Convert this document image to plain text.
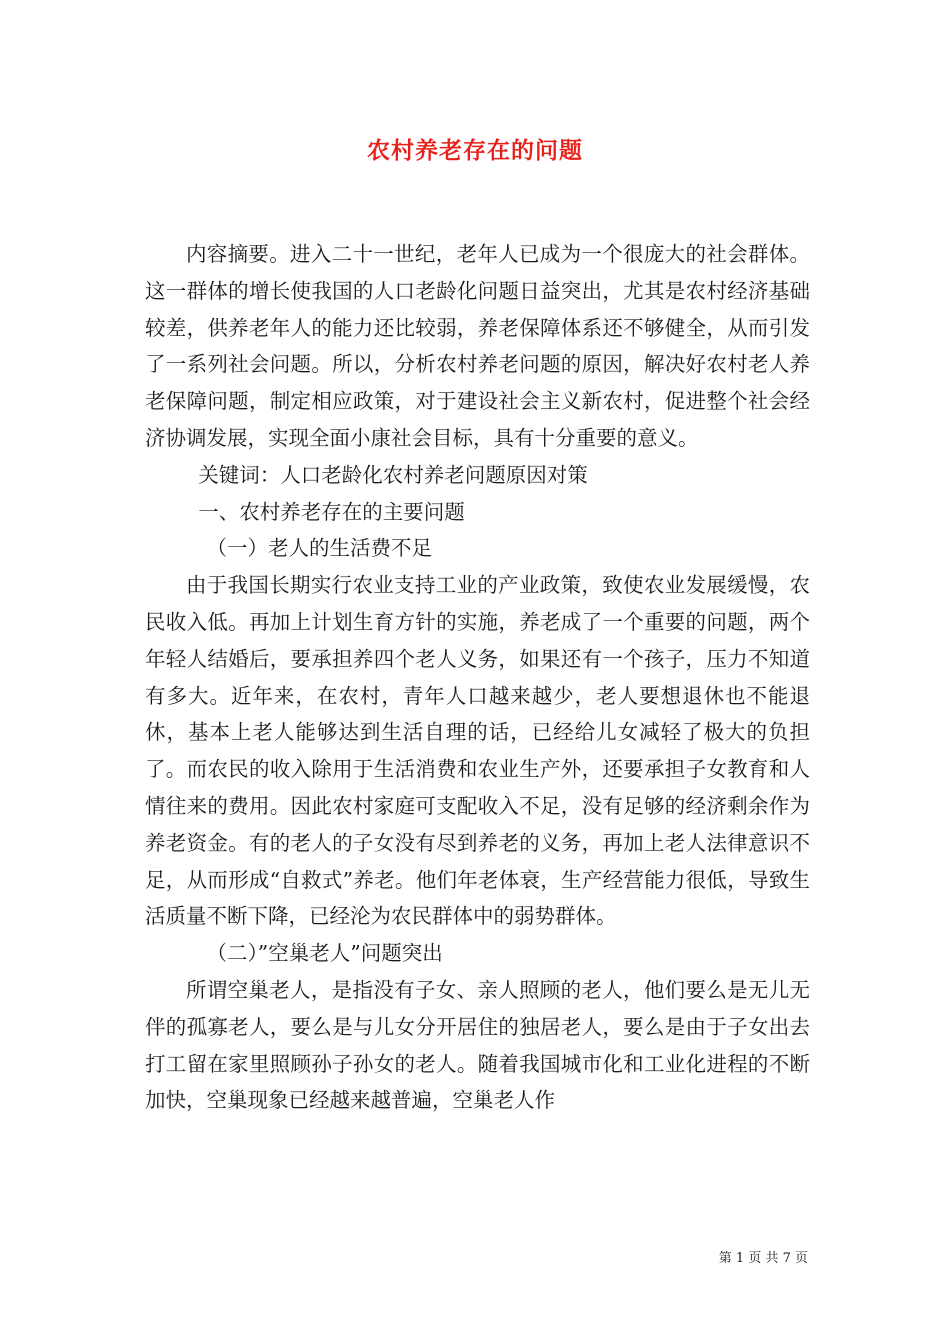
农村养老存在的问题

内容摘要。进入二十一世纪，老年人已成为一个很庞大的社会群体。这一群体的增长使我国的人口老龄化问题日益突出，尤其是农村经济基础较差，供养老年人的能力还比较弱，养老保障体系还不够健全，从而引发了一系列社会问题。所以，分析农村养老问题的原因，解决好农村老人养老保障问题，制定相应政策，对于建设社会主义新农村，促进整个社会经济协调发展，实现全面小康社会目标，具有十分重要的意义。

关键词：人口老龄化农村养老问题原因对策

一、农村养老存在的主要问题

（一）老人的生活费不足

由于我国长期实行农业支持工业的产业政策，致使农业发展缓慢，农民收入低。再加上计划生育方针的实施，养老成了一个重要的问题，两个年轻人结婚后，要承担养四个老人义务，如果还有一个孩子，压力不知道有多大。近年来，在农村，青年人口越来越少，老人要想退休也不能退休，基本上老人能够达到生活自理的话，已经给儿女减轻了极大的负担了。而农民的收入除用于生活消费和农业生产外，还要承担子女教育和人情往来的费用。因此农村家庭可支配收入不足，没有足够的经济剩余作为养老资金。有的老人的子女没有尽到养老的义务，再加上老人法律意识不足，从而形成“自救式”养老。他们年老体衰，生产经营能力很低，导致生活质量不断下降，已经沦为农民群体中的弱势群体。

（二）”空巢老人”问题突出

所谓空巢老人，是指没有子女、亲人照顾的老人，他们要么是无儿无伴的孤寡老人，要么是与儿女分开居住的独居老人，要么是由于子女出去打工留在家里照顾孙子孙女的老人。随着我国城市化和工业化进程的不断加快，空巢现象已经越来越普遍，空巢老人作

第 1 页 共 7 页
